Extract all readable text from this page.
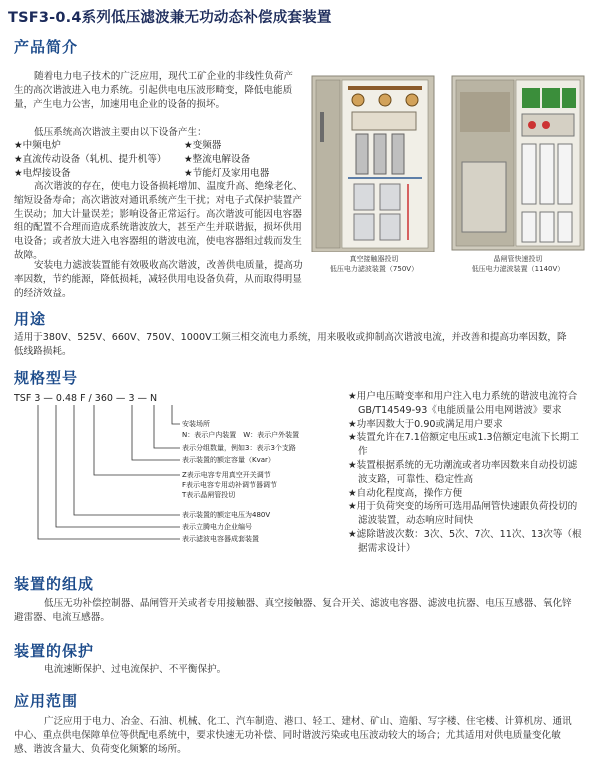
TSF3-0.4系列低压滤波兼无功动态补偿成套装置
产品简介
随着电力电子技术的广泛应用，现代工矿企业的非线性负荷产生的高次谐波进入电力系统。引起供电电压波形畸变，降低电能质量，产生电力公害，加速用电企业的设备的损坏。
低压系统高次谐波主要由以下设备产生：
★中频电炉	★变频器
★直流传动设备（轧机、提升机等）	★整流电解设备
★电焊接设备	★节能灯及家用电器
高次谐波的存在，使电力设备损耗增加、温度升高、绝缘老化、缩短设备寿命；高次谐波对通讯系统产生干扰；对电子式保护装置产生误动；加大计量误差；影响设备正常运行。高次谐波可能因电容器组的配置不合理而造成系统谐波放大，甚至产生并联谐振，损坏供用电设备；或者放大进入电容器组的谐波电流，使电容器组过载而发生故障。
安装电力滤波装置能有效吸收高次谐波，改善供电质量，提高功率因数，节约能源，降低损耗，减轻供用电设备负荷，从而取得明显的经济效益。
真空接触器投切
低压电力滤波装置（750V）
晶闸管快速投切
低压电力滤波装置（1140V）
用途
适用于380V、525V、660V、750V、1000V工频三相交流电力系统，用来吸收或抑制高次谐波电流，并改善和提高功率因数，降低线路损耗。
规格型号
TSF 3 — 0.48 F / 360 — 3 — N
安装场所
N：表示户内装置　W：表示户外装置
表示分组数量，例如3：表示3个支路
表示装置的额定容量（Kvar）
Z表示电容专用真空开关调节
F表示电容专用动补调节器调节
T表示晶闸管投切
表示装置的额定电压为480V
表示立腾电力企业编号
表示滤波电容器成套装置
★用户电压畸变率和用户注入电力系统的谐波电流符合GB/T14549-93《电能质量公用电网谐波》要求
★功率因数大于0.90或满足用户要求
★装置允许在7.1倍额定电压或1.3倍额定电流下长期工作
★装置根据系统的无功潮流或者功率因数来自动投切滤波支路，可靠性、稳定性高
★自动化程度高，操作方便
★用于负荷突变的场所可选用晶闸管快速跟负荷投切的滤波装置，动态响应时间快
★滤除谐波次数：3次、5次、7次、11次、13次等（根据需求设计）
装置的组成
低压无功补偿控制器、晶闸管开关或者专用接触器、真空接触器、复合开关、滤波电容器、滤波电抗器、电压互感器、氧化锌避雷器、电流互感器。
装置的保护
电流速断保护、过电流保护、不平衡保护。
应用范围
广泛应用于电力、冶金、石油、机械、化工、汽车制造、港口、轻工、建材、矿山、造船、写字楼、住宅楼、计算机房、通讯中心、重点供电保障单位等供配电系统中，要求快速无功补偿、同时谐波污染或电压波动较大的场合；尤其适用对供电质量变化敏感、谐波含量大、负荷变化频繁的场所。
